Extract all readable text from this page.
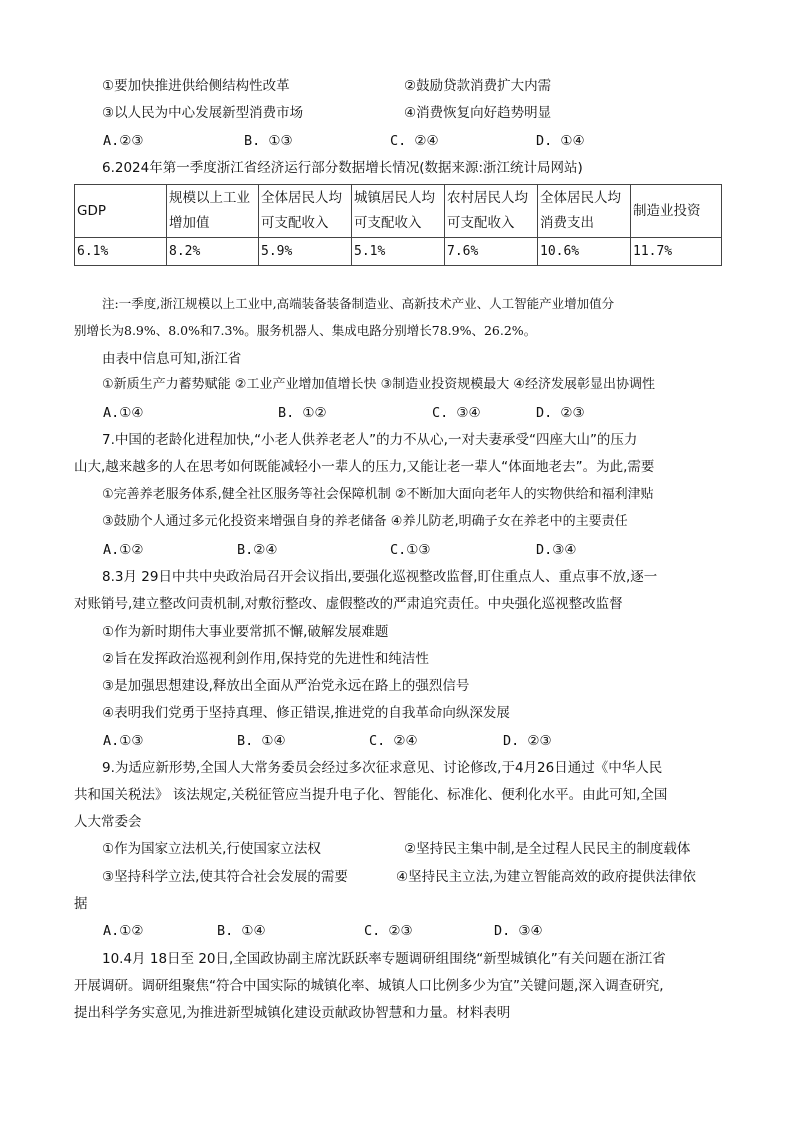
①要加快推进供给侧结构性改革	②鼓励贷款消费扩大内需
③以人民为中心发展新型消费市场	④消费恢复向好趋势明显
A.②③	B. ①③	C. ②④	D. ①④
6.2024年第一季度浙江省经济运行部分数据增长情况(数据来源:浙江统计局网站)
GDP	规模以上工业增加值	全体居民人均可支配收入	城镇居民人均可支配收入	农村居民人均可支配收入	全体居民人均消费支出	制造业投资
6.1%	8.2%	5.9%	5.1%	7.6%	10.6%	11.7%
注:一季度,浙江规模以上工业中,高端装备装备制造业、高新技术产业、人工智能产业增加值分
别增长为8.9%、8.0%和7.3%。服务机器人、集成电路分别增长78.9%、26.2%。
由表中信息可知,浙江省
①新质生产力蓄势赋能 ②工业产业增加值增长快 ③制造业投资规模最大 ④经济发展彰显出协调性
A.①④	B. ①②	C. ③④	D. ②③
7.中国的老龄化进程加快,“小老人供养老老人”的力不从心,一对夫妻承受“四座大山”的压力
山大,越来越多的人在思考如何既能减轻小一辈人的压力,又能让老一辈人“体面地老去”。为此,需要
①完善养老服务体系,健全社区服务等社会保障机制 ②不断加大面向老年人的实物供给和福利津贴
③鼓励个人通过多元化投资来增强自身的养老储备 ④养儿防老,明确子女在养老中的主要责任
A.①②	B.②④	C.①③	D.③④
8.3月 29日中共中央政治局召开会议指出,要强化巡视整改监督,盯住重点人、重点事不放,逐一
对账销号,建立整改问责机制,对敷衍整改、虚假整改的严肃追究责任。中央强化巡视整改监督
①作为新时期伟大事业要常抓不懈,破解发展难题
②旨在发挥政治巡视利剑作用,保持党的先进性和纯洁性
③是加强思想建设,释放出全面从严治党永远在路上的强烈信号
④表明我们党勇于坚持真理、修正错误,推进党的自我革命向纵深发展
A.①③	B. ①④	C. ②④	D. ②③
9.为适应新形势,全国人大常务委员会经过多次征求意见、讨论修改,于4月26日通过《中华人民
共和国关税法》 该法规定,关税征管应当提升电子化、智能化、标准化、便利化水平。由此可知,全国
人大常委会
①作为国家立法机关,行使国家立法权	②坚持民主集中制,是全过程人民民主的制度载体
③坚持科学立法,使其符合社会发展的需要	④坚持民主立法,为建立智能高效的政府提供法律依
据
A.①②	B. ①④	C. ②③	D. ③④
10.4月 18日至 20日,全国政协副主席沈跃跃率专题调研组围绕“新型城镇化”有关问题在浙江省
开展调研。调研组聚焦“符合中国实际的城镇化率、城镇人口比例多少为宜”关键问题,深入调查研究,
提出科学务实意见,为推进新型城镇化建设贡献政协智慧和力量。材料表明
